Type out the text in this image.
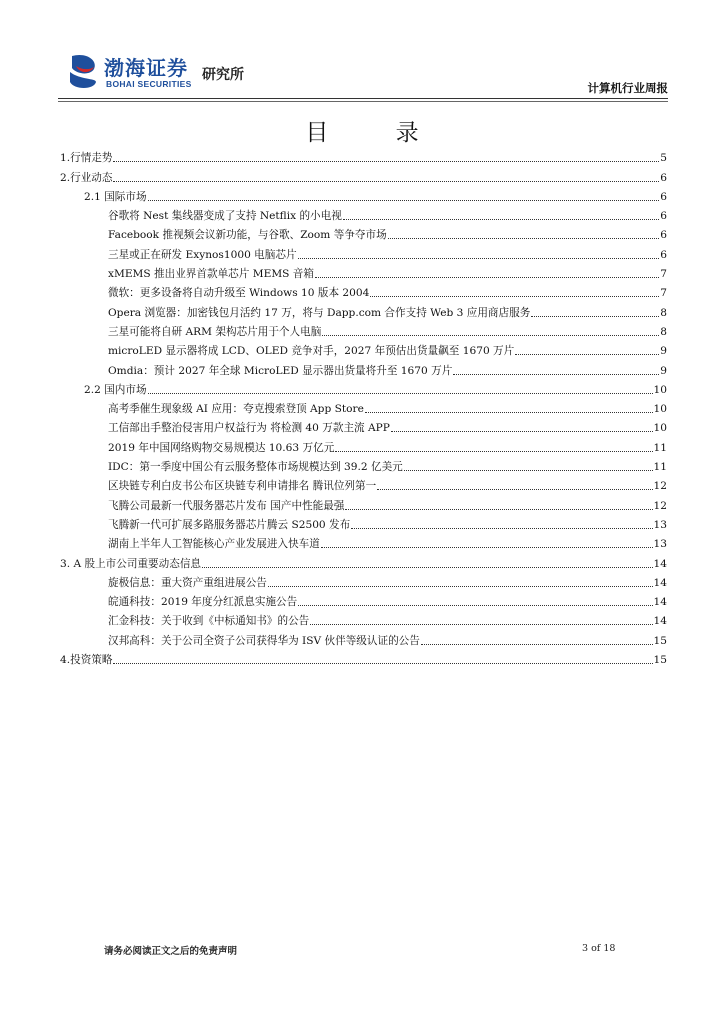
渤海证券
BOHAI SECURITIES
研究所
计算机行业周报
目 录
1.行情走势	5
2.行业动态	6
2.1 国际市场	6
谷歌将 Nest 集线器变成了支持 Netflix 的小电视	6
Facebook 推视频会议新功能，与谷歌、Zoom 等争夺市场	6
三星或正在研发 Exynos1000 电脑芯片	6
xMEMS 推出业界首款单芯片 MEMS 音箱	7
微软：更多设备将自动升级至 Windows 10 版本 2004	7
Opera 浏览器：加密钱包月活约 17 万，将与 Dapp.com 合作支持 Web 3 应用商店服务	8
三星可能将自研 ARM 架构芯片用于个人电脑	8
microLED 显示器将成 LCD、OLED 竞争对手，2027 年预估出货量飙至 1670 万片	9
Omdia：预计 2027 年全球 MicroLED 显示器出货量将升至 1670 万片	9
2.2 国内市场	10
高考季催生现象级 AI 应用：夸克搜索登顶 App Store	10
工信部出手整治侵害用户权益行为 将检测 40 万款主流 APP	10
2019 年中国网络购物交易规模达 10.63 万亿元	11
IDC：第一季度中国公有云服务整体市场规模达到 39.2 亿美元	11
区块链专利白皮书公布区块链专利申请排名 腾讯位列第一	12
飞腾公司最新一代服务器芯片发布 国产中性能最强	12
飞腾新一代可扩展多路服务器芯片腾云 S2500 发布	13
湖南上半年人工智能核心产业发展进入快车道	13
3. A 股上市公司重要动态信息	14
旋极信息：重大资产重组进展公告	14
皖通科技：2019 年度分红派息实施公告	14
汇金科技：关于收到《中标通知书》的公告	14
汉邦高科：关于公司全资子公司获得华为 ISV 伙伴等级认证的公告	15
4.投资策略	15
请务必阅读正文之后的免责声明	3 of 18
